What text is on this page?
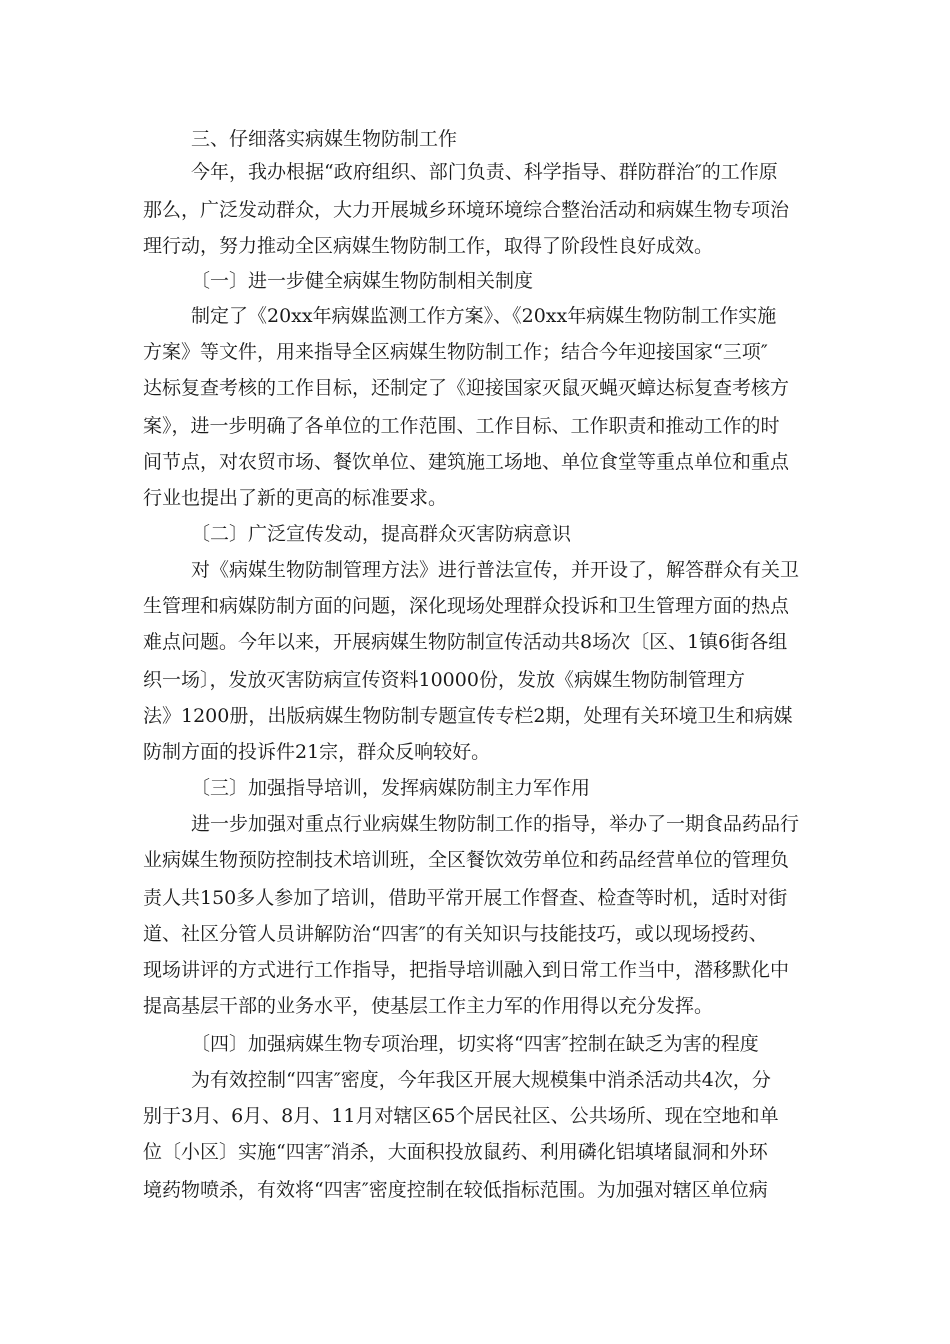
三、仔细落实病媒生物防制工作
今年，我办根据“政府组织、部门负责、科学指导、群防群治″的工作原
那么，广泛发动群众，大力开展城乡环境环境综合整治活动和病媒生物专项治
理行动，努力推动全区病媒生物防制工作，取得了阶段性良好成效。
〔一〕进一步健全病媒生物防制相关制度
制定了《20xx年病媒监测工作方案》、《20xx年病媒生物防制工作实施
方案》等文件，用来指导全区病媒生物防制工作；结合今年迎接国家“三项″
达标复查考核的工作目标，还制定了《迎接国家灭鼠灭蝇灭蟑达标复查考核方
案》，进一步明确了各单位的工作范围、工作目标、工作职责和推动工作的时
间节点，对农贸市场、餐饮单位、建筑施工场地、单位食堂等重点单位和重点
行业也提出了新的更高的标准要求。
〔二〕广泛宣传发动，提高群众灭害防病意识
对《病媒生物防制管理方法》进行普法宣传，并开设了，解答群众有关卫
生管理和病媒防制方面的问题，深化现场处理群众投诉和卫生管理方面的热点
难点问题。今年以来，开展病媒生物防制宣传活动共8场次〔区、1镇6街各组
织一场〕，发放灭害防病宣传资料10000份，发放《病媒生物防制管理方
法》1200册，出版病媒生物防制专题宣传专栏2期，处理有关环境卫生和病媒
防制方面的投诉件21宗，群众反响较好。
〔三〕加强指导培训，发挥病媒防制主力军作用
进一步加强对重点行业病媒生物防制工作的指导，举办了一期食品药品行
业病媒生物预防控制技术培训班，全区餐饮效劳单位和药品经营单位的管理负
责人共150多人参加了培训，借助平常开展工作督查、检查等时机，适时对街
道、社区分管人员讲解防治“四害″的有关知识与技能技巧，或以现场授药、
现场讲评的方式进行工作指导，把指导培训融入到日常工作当中，潜移默化中
提高基层干部的业务水平，使基层工作主力军的作用得以充分发挥。
〔四〕加强病媒生物专项治理，切实将“四害″控制在缺乏为害的程度
为有效控制“四害″密度，今年我区开展大规模集中消杀活动共4次，分
别于3月、6月、8月、11月对辖区65个居民社区、公共场所、现在空地和单
位〔小区〕实施“四害″消杀，大面积投放鼠药、利用磷化铝填堵鼠洞和外环
境药物喷杀，有效将“四害″密度控制在较低指标范围。为加强对辖区单位病
